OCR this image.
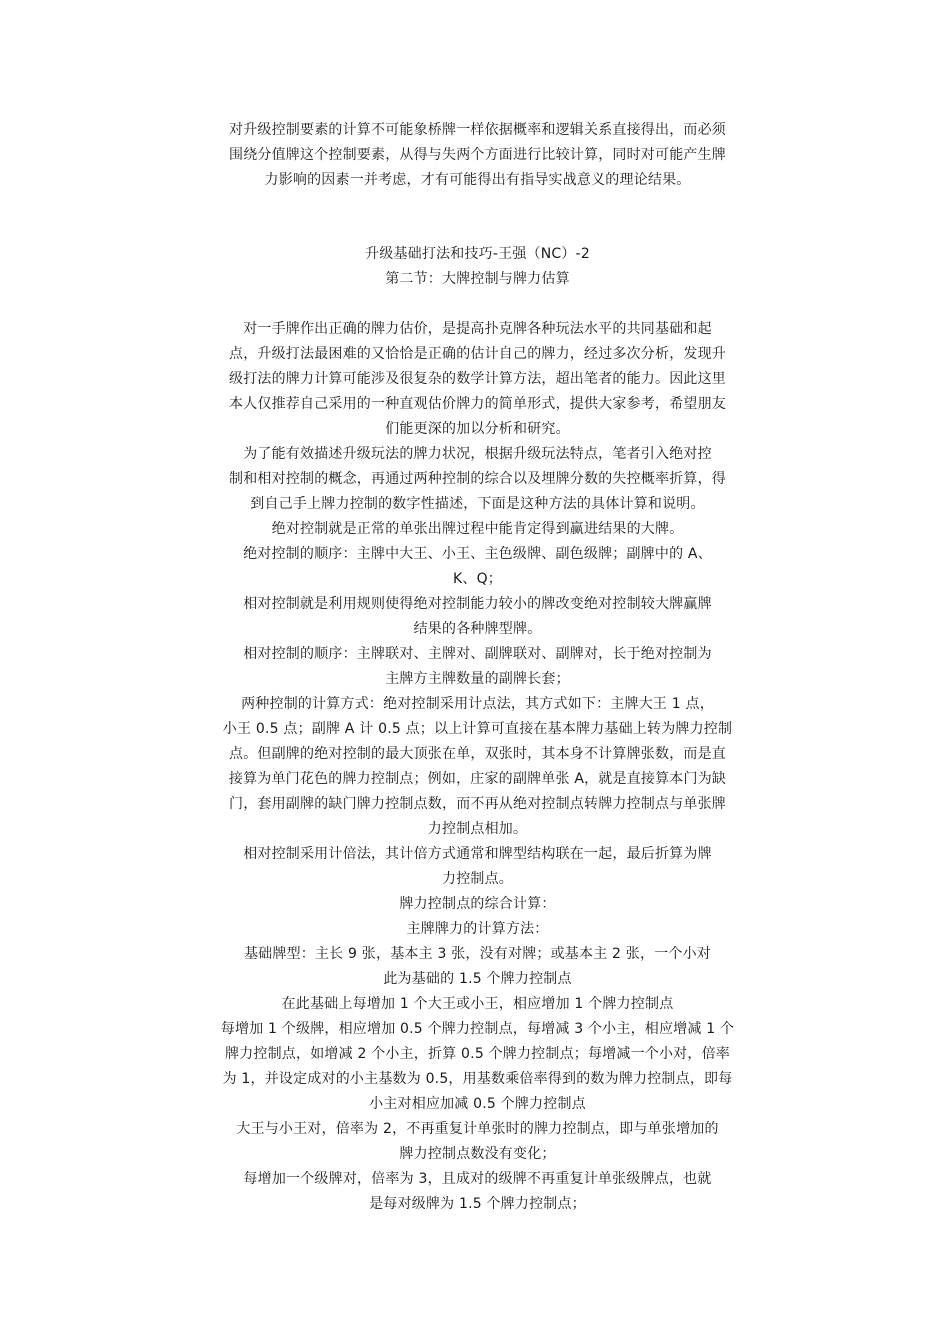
对升级控制要素的计算不可能象桥牌一样依据概率和逻辑关系直接得出，而必须
围绕分值牌这个控制要素，从得与失两个方面进行比较计算，同时对可能产生牌
力影响的因素一并考虑，才有可能得出有指导实战意义的理论结果。
升级基础打法和技巧-王强（NC）-2
第二节：大牌控制与牌力估算
对一手牌作出正确的牌力估价，是提高扑克牌各种玩法水平的共同基础和起
点，升级打法最困难的又恰恰是正确的估计自己的牌力，经过多次分析，发现升
级打法的牌力计算可能涉及很复杂的数学计算方法，超出笔者的能力。因此这里
本人仅推荐自己采用的一种直观估价牌力的简单形式，提供大家参考，希望朋友
们能更深的加以分析和研究。
为了能有效描述升级玩法的牌力状况，根据升级玩法特点，笔者引入绝对控
制和相对控制的概念，再通过两种控制的综合以及埋牌分数的失控概率折算，得
到自己手上牌力控制的数字性描述，下面是这种方法的具体计算和说明。
绝对控制就是正常的单张出牌过程中能肯定得到赢进结果的大牌。
绝对控制的顺序：主牌中大王、小王、主色级牌、副色级牌；副牌中的 A、
K、Q；
相对控制就是利用规则使得绝对控制能力较小的牌改变绝对控制较大牌赢牌
结果的各种牌型牌。
相对控制的顺序：主牌联对、主牌对、副牌联对、副牌对，长于绝对控制为
主牌方主牌数量的副牌长套；
两种控制的计算方式：绝对控制采用计点法，其方式如下：主牌大王 1 点，
小王 0.5 点；副牌 A 计 0.5 点；以上计算可直接在基本牌力基础上转为牌力控制
点。但副牌的绝对控制的最大顶张在单，双张时，其本身不计算牌张数，而是直
接算为单门花色的牌力控制点；例如，庄家的副牌单张 A，就是直接算本门为缺
门，套用副牌的缺门牌力控制点数，而不再从绝对控制点转牌力控制点与单张牌
力控制点相加。
相对控制采用计倍法，其计倍方式通常和牌型结构联在一起，最后折算为牌
力控制点。
牌力控制点的综合计算：
主牌牌力的计算方法：
基础牌型：主长 9 张，基本主 3 张，没有对牌；或基本主 2 张，一个小对
此为基础的 1.5 个牌力控制点
在此基础上每增加 1 个大王或小王，相应增加 1 个牌力控制点
每增加 1 个级牌，相应增加 0.5 个牌力控制点，每增减 3 个小主，相应增减 1 个
牌力控制点，如增减 2 个小主，折算 0.5 个牌力控制点；每增减一个小对，倍率
为 1，并设定成对的小主基数为 0.5，用基数乘倍率得到的数为牌力控制点，即每
小主对相应加减 0.5 个牌力控制点
大王与小王对，倍率为 2，不再重复计单张时的牌力控制点，即与单张增加的
牌力控制点数没有变化；
每增加一个级牌对，倍率为 3，且成对的级牌不再重复计单张级牌点，也就
是每对级牌为 1.5 个牌力控制点；
